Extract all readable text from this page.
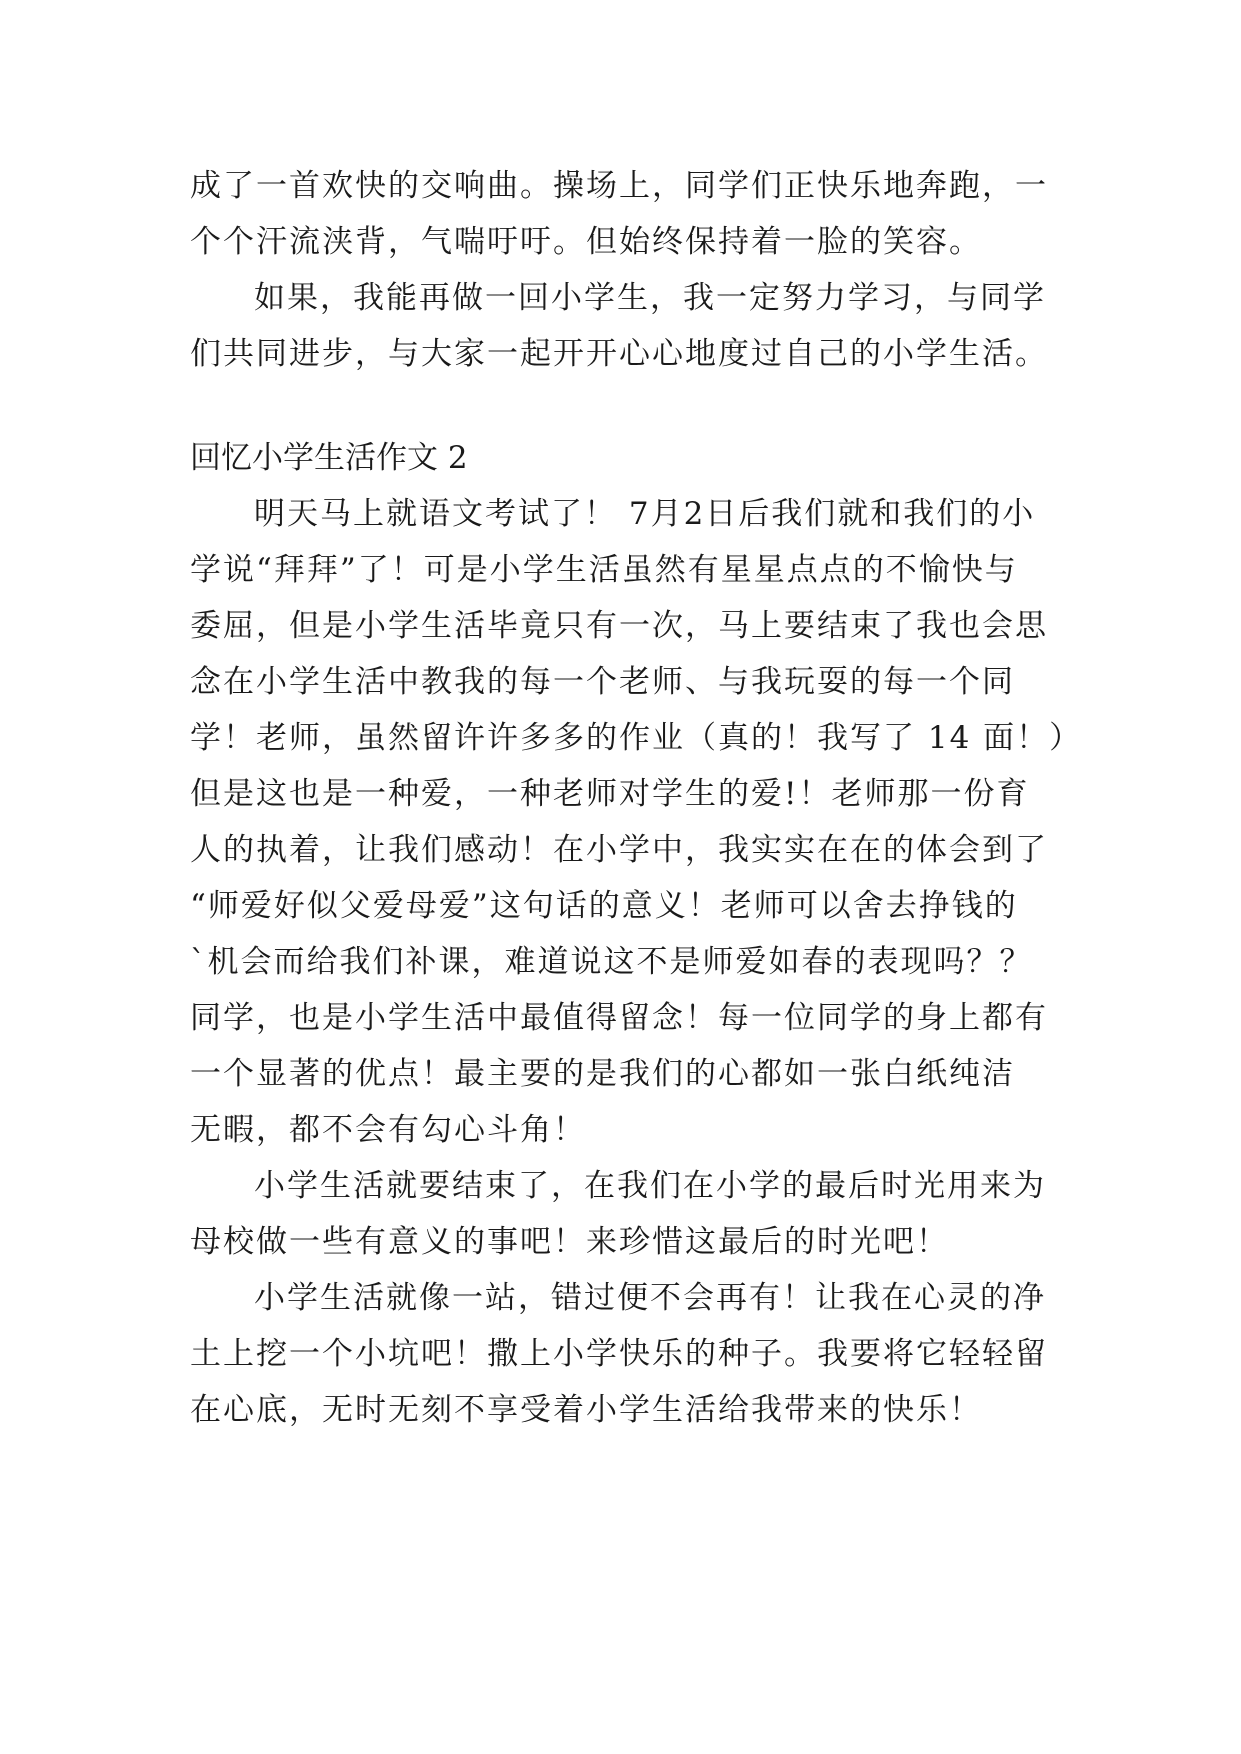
成了一首欢快的交响曲。操场上，同学们正快乐地奔跑，一
个个汗流浃背，气喘吁吁。但始终保持着一脸的笑容。
如果，我能再做一回小学生，我一定努力学习，与同学
们共同进步，与大家一起开开心心地度过自己的小学生活。
回忆小学生活作文 2
明天马上就语文考试了！ 7月2日后我们就和我们的小
学说“拜拜”了！可是小学生活虽然有星星点点的不愉快与
委屈，但是小学生活毕竟只有一次，马上要结束了我也会思
念在小学生活中教我的每一个老师、与我玩耍的每一个同
学！老师，虽然留许许多多的作业（真的！我写了 14 面！）
但是这也是一种爱，一种老师对学生的爱!！老师那一份育
人的执着，让我们感动！在小学中，我实实在在的体会到了
“师爱好似父爱母爱”这句话的意义！老师可以舍去挣钱的
`机会而给我们补课，难道说这不是师爱如春的表现吗？？
同学，也是小学生活中最值得留念！每一位同学的身上都有
一个显著的优点！最主要的是我们的心都如一张白纸纯洁
无暇，都不会有勾心斗角！
小学生活就要结束了，在我们在小学的最后时光用来为
母校做一些有意义的事吧！来珍惜这最后的时光吧！
小学生活就像一站，错过便不会再有！让我在心灵的净
土上挖一个小坑吧！撒上小学快乐的种子。我要将它轻轻留
在心底，无时无刻不享受着小学生活给我带来的快乐！
